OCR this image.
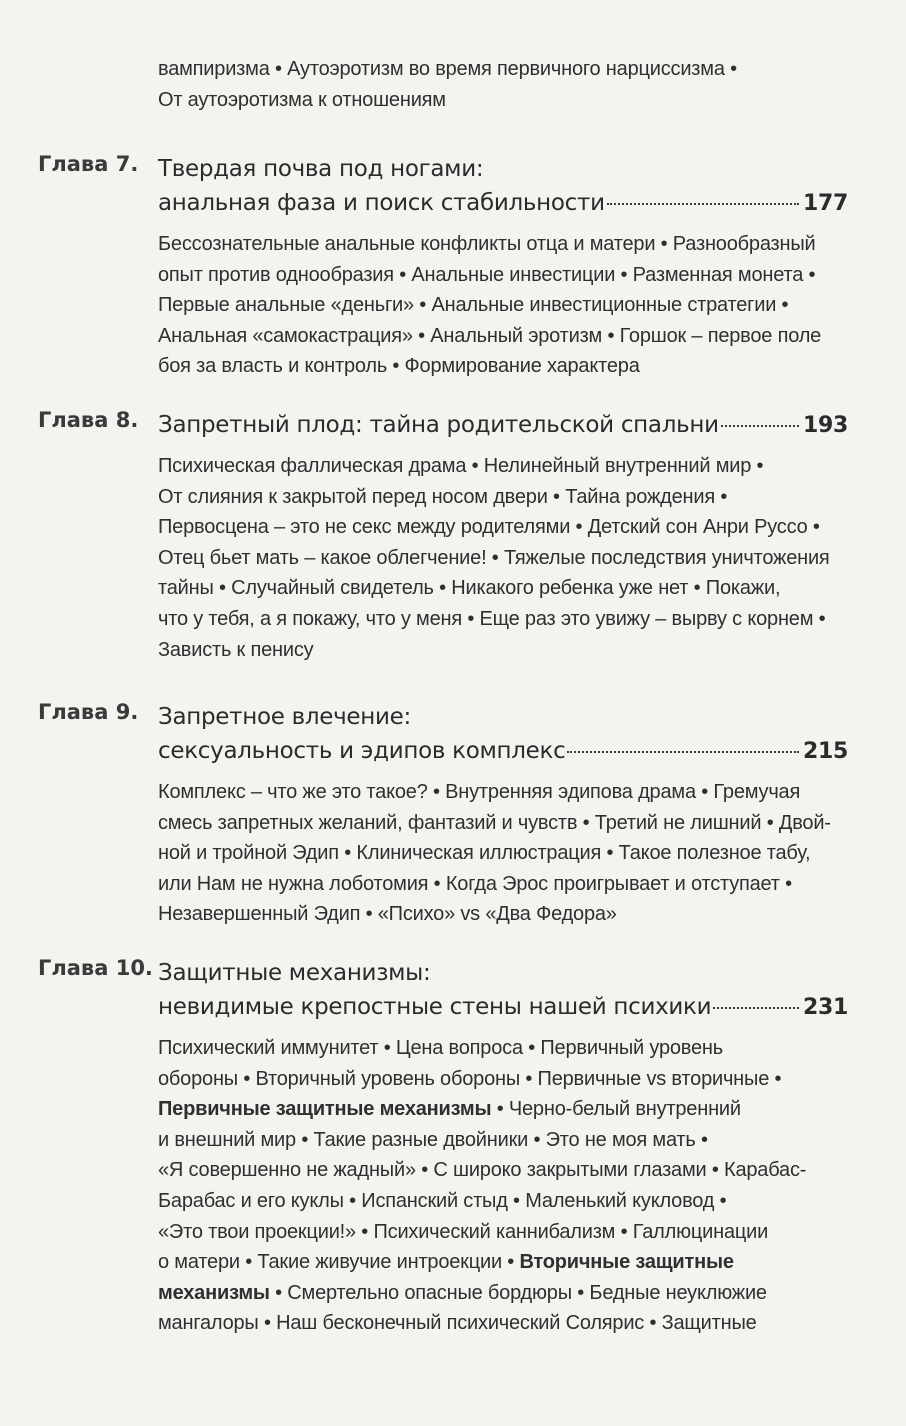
вампиризма • Аутоэротизм во время первичного нарциссизма •

От аутоэротизма к отношениям

Глава 7. Твердая почва под ногами:

анальная фаза и поиск стабильности	177

Бессознательные анальные конфликты отца и матери • Разнообразный

опыт против однообразия • Анальные инвестиции • Разменная монета •

Первые анальные «деньги» • Анальные инвестиционные стратегии •

Анальная «самокастрация» • Анальный эротизм • Горшок – первое поле

боя за власть и контроль • Формирование характера

Глава 8. Запретный плод: тайна родительской спальни	193

Психическая фаллическая драма • Нелинейный внутренний мир •

От слияния к закрытой перед носом двери • Тайна рождения •

Первосцена – это не секс между родителями • Детский сон Анри Руссо •

Отец бьет мать – какое облегчение! • Тяжелые последствия уничтожения

тайны • Случайный свидетель • Никакого ребенка уже нет • Покажи,

что у тебя, а я покажу, что у меня • Еще раз это увижу – вырву с корнем •

Зависть к пенису

Глава 9. Запретное влечение:

сексуальность и эдипов комплекс	215

Комплекс – что же это такое? • Внутренняя эдипова драма • Гремучая

смесь запретных желаний, фантазий и чувств • Третий не лишний • Двой-

ной и тройной Эдип • Клиническая иллюстрация • Такое полезное табу,

или Нам не нужна лоботомия • Когда Эрос проигрывает и отступает •

Незавершенный Эдип • «Психо» vs «Два Федора»

Глава 10. Защитные механизмы:

невидимые крепостные стены нашей психики	231

Психический иммунитет • Цена вопроса • Первичный уровень

обороны • Вторичный уровень обороны • Первичные vs вторичные •

Первичные защитные механизмы • Черно-белый внутренний

и внешний мир • Такие разные двойники • Это не моя мать •

«Я совершенно не жадный» • С широко закрытыми глазами • Карабас-

Барабас и его куклы • Испанский стыд • Маленький кукловод •

«Это твои проекции!» • Психический каннибализм • Галлюцинации

о матери • Такие живучие интроекции • Вторичные защитные

механизмы • Смертельно опасные бордюры • Бедные неуклюжие

мангалоры • Наш бесконечный психический Солярис • Защитные
